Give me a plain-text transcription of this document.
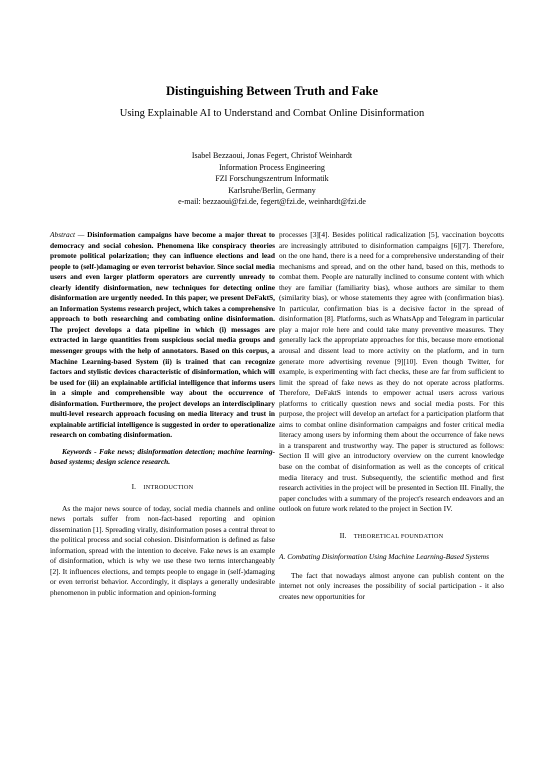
Distinguishing Between Truth and Fake
Using Explainable AI to Understand and Combat Online Disinformation
Isabel Bezzaoui, Jonas Fegert, Christof Weinhardt
Information Process Engineering
FZI Forschungszentrum Informatik
Karlsruhe/Berlin, Germany
e-mail: bezzaoui@fzi.de, fegert@fzi.de, weinhardt@fzi.de

Abstract — Disinformation campaigns have become a major threat to democracy and social cohesion. Phenomena like conspiracy theories promote political polarization; they can influence elections and lead people to (self-)damaging or even terrorist behavior. Since social media users and even larger platform operators are currently unready to clearly identify disinformation, new techniques for detecting online disinformation are urgently needed. In this paper, we present DeFaktS, an Information Systems research project, which takes a comprehensive approach to both researching and combating online disinformation. The project develops a data pipeline in which (i) messages are extracted in large quantities from suspicious social media groups and messenger groups with the help of annotators. Based on this corpus, a Machine Learning-based System (ii) is trained that can recognize factors and stylistic devices characteristic of disinformation, which will be used for (iii) an explainable artificial intelligence that informs users in a simple and comprehensible way about the occurrence of disinformation. Furthermore, the project develops an interdisciplinary multi-level research approach focusing on media literacy and trust in explainable artificial intelligence is suggested in order to operationalize research on combating disinformation.

Keywords - Fake news; disinformation detection; machine learning-based systems; design science research.

I. INTRODUCTION

As the major news source of today, social media channels and online news portals suffer from non-fact-based reporting and opinion dissemination [1]. Spreading virally, disinformation poses a central threat to the political process and social cohesion. Disinformation is defined as false information, spread with the intention to deceive. Fake news is an example of disinformation, which is why we use these two terms interchangeably [2]. It influences elections, and tempts people to engage in (self-)damaging or even terrorist behavior. Accordingly, it displays a generally undesirable phenomenon in public information and opinion-forming

processes [3][4]. Besides political radicalization [5], vaccination boycotts are increasingly attributed to disinformation campaigns [6][7]. Therefore, on the one hand, there is a need for a comprehensive understanding of their mechanisms and spread, and on the other hand, based on this, methods to combat them. People are naturally inclined to consume content with which they are familiar (familiarity bias), whose authors are similar to them (similarity bias), or whose statements they agree with (confirmation bias). In particular, confirmation bias is a decisive factor in the spread of disinformation [8]. Platforms, such as WhatsApp and Telegram in particular play a major role here and could take many preventive measures. They generally lack the appropriate approaches for this, because more emotional arousal and dissent lead to more activity on the platform, and in turn generate more advertising revenue [9][10]. Even though Twitter, for example, is experimenting with fact checks, these are far from sufficient to limit the spread of fake news as they do not operate across platforms. Therefore, DeFaktS intends to empower actual users across various platforms to critically question news and social media posts. For this purpose, the project will develop an artefact for a participation platform that aims to combat online disinformation campaigns and foster critical media literacy among users by informing them about the occurrence of fake news in a transparent and trustworthy way. The paper is structured as follows: Section II will give an introductory overview on the current knowledge base on the combat of disinformation as well as the concepts of critical media literacy and trust. Subsequently, the scientific method and first research activities in the project will be presented in Section III. Finally, the paper concludes with a summary of the project's research endeavors and an outlook on future work related to the project in Section IV.

II. THEORETICAL FOUNDATION

A. Combating Disinformation Using Machine Learning-Based Systems

The fact that nowadays almost anyone can publish content on the internet not only increases the possibility of social participation - it also creates new opportunities for
